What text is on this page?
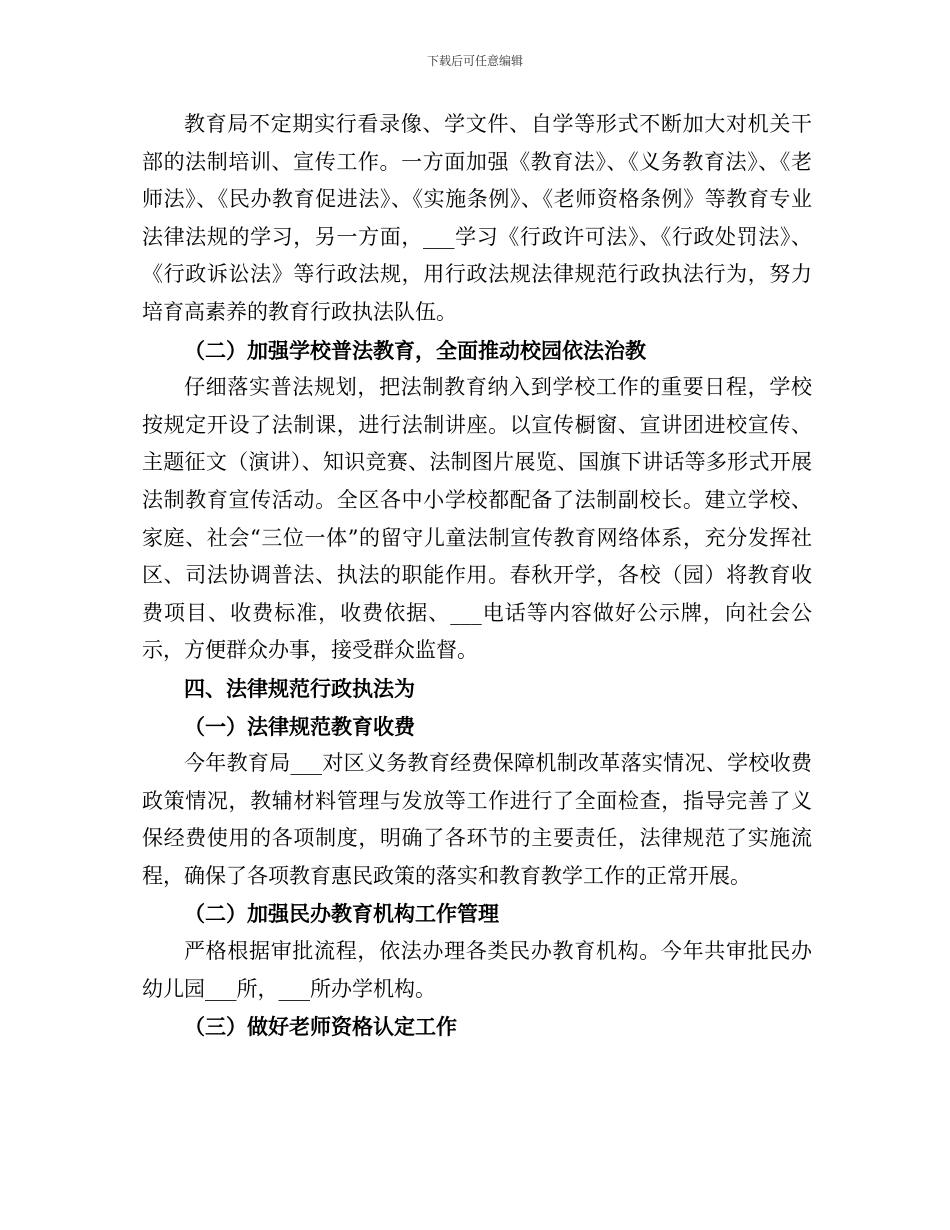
下载后可任意编辑

教育局不定期实行看录像、学文件、自学等形式不断加大对机关干部的法制培训、宣传工作。一方面加强《教育法》、《义务教育法》、《老师法》、《民办教育促进法》、《实施条例》、《老师资格条例》等教育专业法律法规的学习，另一方面，___学习《行政许可法》、《行政处罚法》、《行政诉讼法》等行政法规，用行政法规法律规范行政执法行为，努力培育高素养的教育行政执法队伍。

（二）加强学校普法教育，全面推动校园依法治教

仔细落实普法规划，把法制教育纳入到学校工作的重要日程，学校按规定开设了法制课，进行法制讲座。以宣传橱窗、宣讲团进校宣传、主题征文（演讲）、知识竞赛、法制图片展览、国旗下讲话等多形式开展法制教育宣传活动。全区各中小学校都配备了法制副校长。建立学校、家庭、社会“三位一体”的留守儿童法制宣传教育网络体系，充分发挥社区、司法协调普法、执法的职能作用。春秋开学，各校（园）将教育收费项目、收费标准，收费依据、___电话等内容做好公示牌，向社会公示，方便群众办事，接受群众监督。

四、法律规范行政执法为

（一）法律规范教育收费

今年教育局___对区义务教育经费保障机制改革落实情况、学校收费政策情况，教辅材料管理与发放等工作进行了全面检查，指导完善了义保经费使用的各项制度，明确了各环节的主要责任，法律规范了实施流程，确保了各项教育惠民政策的落实和教育教学工作的正常开展。

（二）加强民办教育机构工作管理

严格根据审批流程，依法办理各类民办教育机构。今年共审批民办幼儿园___所，___所办学机构。

（三）做好老师资格认定工作
